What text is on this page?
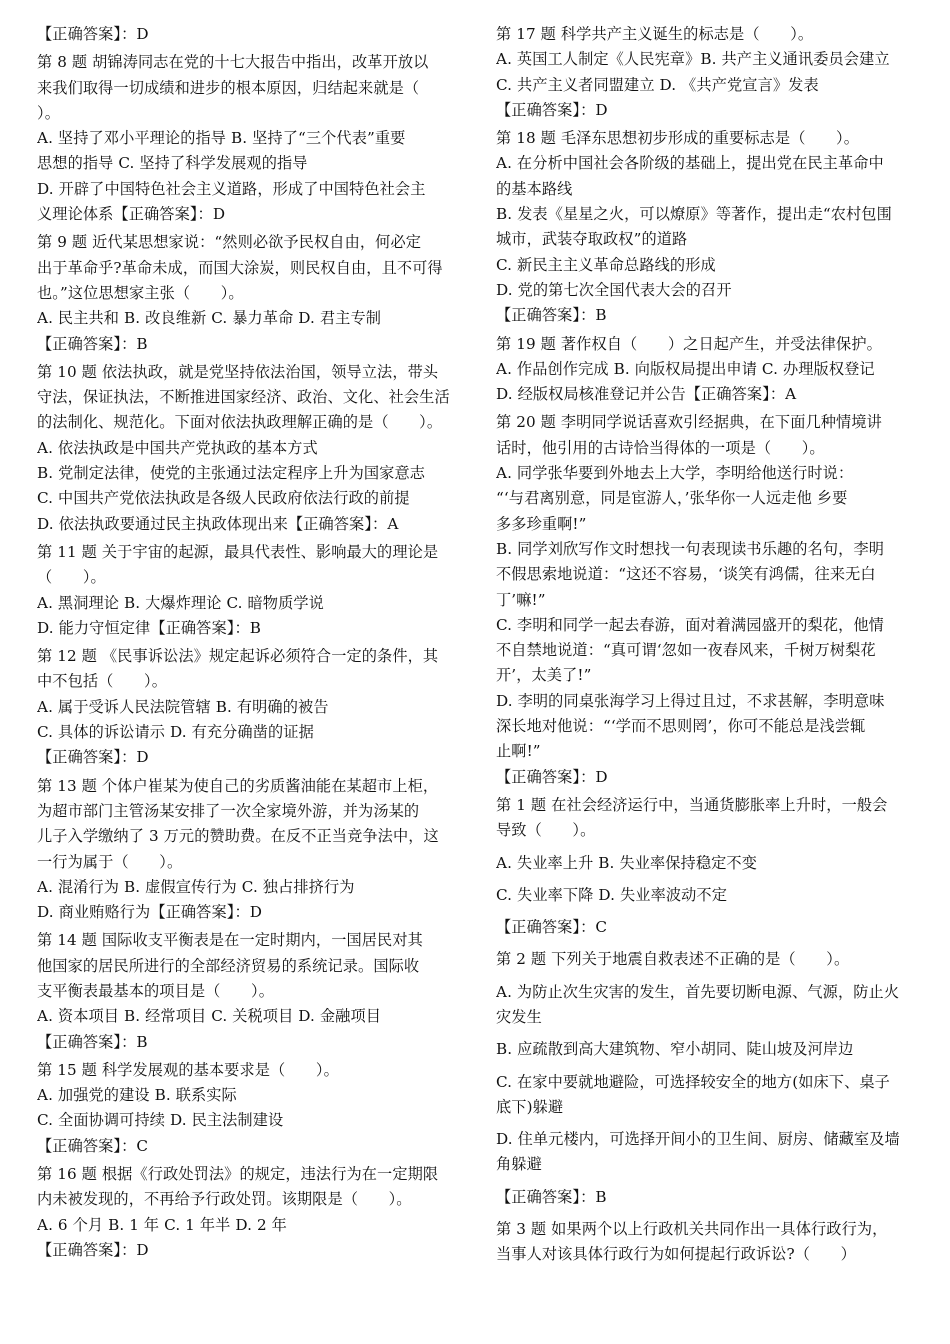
【正确答案】：D
第 8 题 胡锦涛同志在党的十七大报告中指出，改革开放以
来我们取得一切成绩和进步的根本原因，归结起来就是（
）。
A. 坚持了邓小平理论的指导 B. 坚持了“三个代表”重要
思想的指导 C. 坚持了科学发展观的指导
D. 开辟了中国特色社会主义道路，形成了中国特色社会主
义理论体系【正确答案】：D
第 9 题 近代某思想家说：“然则必欲予民权自由，何必定
出于革命乎?革命未成，而国大涂炭，则民权自由，且不可得
也。”这位思想家主张（　　）。
A. 民主共和 B. 改良维新 C. 暴力革命 D. 君主专制
【正确答案】：B
第 10 题 依法执政，就是党坚持依法治国，领导立法，带头
守法，保证执法，不断推进国家经济、政治、文化、社会生活
的法制化、规范化。下面对依法执政理解正确的是（　　）。
A. 依法执政是中国共产党执政的基本方式
B. 党制定法律，使党的主张通过法定程序上升为国家意志
C. 中国共产党依法执政是各级人民政府依法行政的前提
D. 依法执政要通过民主执政体现出来【正确答案】：A
第 11 题 关于宇宙的起源，最具代表性、影响最大的理论是
（　　）。
A. 黑洞理论 B. 大爆炸理论 C. 暗物质学说
D. 能力守恒定律【正确答案】：B
第 12 题 《民事诉讼法》规定起诉必须符合一定的条件，其
中不包括（　　）。
A. 属于受诉人民法院管辖 B. 有明确的被告
C. 具体的诉讼请示 D. 有充分确凿的证据
【正确答案】：D
第 13 题 个体户崔某为使自己的劣质酱油能在某超市上柜，
为超市部门主管汤某安排了一次全家境外游，并为汤某的
儿子入学缴纳了 3 万元的赞助费。在反不正当竞争法中，这
一行为属于（　　）。
A. 混淆行为 B. 虚假宣传行为 C. 独占排挤行为
D. 商业贿赂行为【正确答案】：D
第 14 题 国际收支平衡表是在一定时期内，一国居民对其
他国家的居民所进行的全部经济贸易的系统记录。国际收
支平衡表最基本的项目是（　　）。
A. 资本项目 B. 经常项目 C. 关税项目 D. 金融项目
【正确答案】：B
第 15 题 科学发展观的基本要求是（　　）。
A. 加强党的建设 B. 联系实际
C. 全面协调可持续 D. 民主法制建设
【正确答案】：C
第 16 题 根据《行政处罚法》的规定，违法行为在一定期限
内未被发现的，不再给予行政处罚。该期限是（　　）。
A. 6 个月 B. 1 年 C. 1 年半 D. 2 年
【正确答案】：D
第 17 题 科学共产主义诞生的标志是（　　）。
A. 英国工人制定《人民宪章》B. 共产主义通讯委员会建立
C. 共产主义者同盟建立 D. 《共产党宣言》发表
【正确答案】：D
第 18 题 毛泽东思想初步形成的重要标志是（　　）。
A. 在分析中国社会各阶级的基础上，提出党在民主革命中
的基本路线
B. 发表《星星之火，可以燎原》等著作，提出走“农村包围
城市，武装夺取政权”的道路
C. 新民主主义革命总路线的形成
D. 党的第七次全国代表大会的召开
【正确答案】：B
第 19 题 著作权自（　　）之日起产生，并受法律保护。
A. 作品创作完成 B. 向版权局提出申请 C. 办理版权登记
D. 经版权局核准登记并公告【正确答案】：A
第 20 题 李明同学说话喜欢引经据典，在下面几种情境讲
话时，他引用的古诗恰当得体的一项是（　　）。
A. 同学张华要到外地去上大学，李明给他送行时说：
“‘与君离别意，同是宦游人，’张华你一人远走他 乡要
多多珍重啊!”
B. 同学刘欣写作文时想找一句表现读书乐趣的名句，李明
不假思索地说道：“这还不容易，‘谈笑有鸿儒，往来无白
丁’嘛!”
C. 李明和同学一起去春游，面对着满园盛开的梨花，他情
不自禁地说道：“真可谓‘忽如一夜春风来，千树万树梨花
开’，太美了!”
D. 李明的同桌张海学习上得过且过，不求甚解，李明意味
深长地对他说：“‘学而不思则罔’，你可不能总是浅尝辄
止啊!”
【正确答案】：D
第 1 题 在社会经济运行中，当通货膨胀率上升时，一般会
导致（　　）。
A. 失业率上升 B. 失业率保持稳定不变
C. 失业率下降 D. 失业率波动不定
【正确答案】：C
第 2 题 下列关于地震自救表述不正确的是（　　）。
A. 为防止次生灾害的发生，首先要切断电源、气源，防止火
灾发生
B. 应疏散到高大建筑物、窄小胡同、陡山坡及河岸边
C. 在家中要就地避险，可选择较安全的地方(如床下、桌子
底下)躲避
D. 住单元楼内，可选择开间小的卫生间、厨房、储藏室及墙
角躲避
【正确答案】：B
第 3 题 如果两个以上行政机关共同作出一具体行政行为，
当事人对该具体行政行为如何提起行政诉讼?（　　）
